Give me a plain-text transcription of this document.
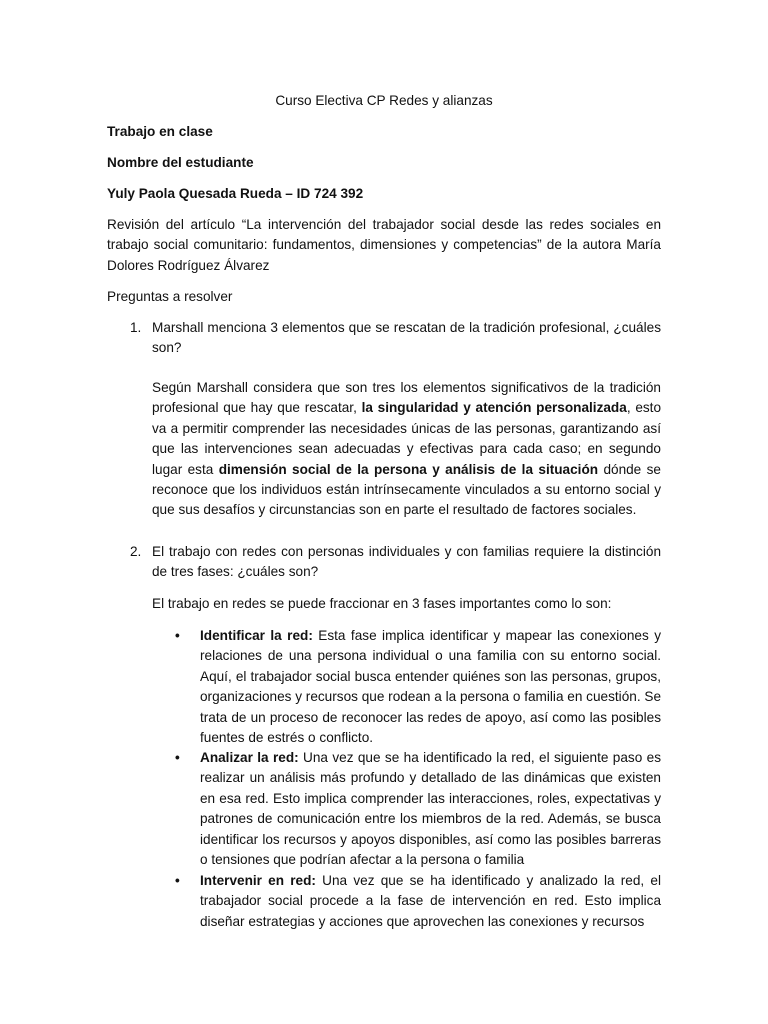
Curso Electiva CP Redes y alianzas
Trabajo en clase
Nombre del estudiante
Yuly Paola Quesada Rueda – ID 724 392
Revisión del artículo “La intervención del trabajador social desde las redes sociales en trabajo social comunitario: fundamentos, dimensiones y competencias” de la autora María Dolores Rodríguez Álvarez
Preguntas a resolver
1. Marshall menciona 3 elementos que se rescatan de la tradición profesional, ¿cuáles son?
Según Marshall considera que son tres los elementos significativos de la tradición profesional que hay que rescatar, la singularidad y atención personalizada, esto va a permitir comprender las necesidades únicas de las personas, garantizando así que las intervenciones sean adecuadas y efectivas para cada caso; en segundo lugar esta dimensión social de la persona y análisis de la situación dónde se reconoce que los individuos están intrínsecamente vinculados a su entorno social y que sus desafíos y circunstancias son en parte el resultado de factores sociales.
2. El trabajo con redes con personas individuales y con familias requiere la distinción de tres fases: ¿cuáles son?
El trabajo en redes se puede fraccionar en 3 fases importantes como lo son:
•	Identificar la red: Esta fase implica identificar y mapear las conexiones y relaciones de una persona individual o una familia con su entorno social. Aquí, el trabajador social busca entender quiénes son las personas, grupos, organizaciones y recursos que rodean a la persona o familia en cuestión. Se trata de un proceso de reconocer las redes de apoyo, así como las posibles fuentes de estrés o conflicto.
•	Analizar la red: Una vez que se ha identificado la red, el siguiente paso es realizar un análisis más profundo y detallado de las dinámicas que existen en esa red. Esto implica comprender las interacciones, roles, expectativas y patrones de comunicación entre los miembros de la red. Además, se busca identificar los recursos y apoyos disponibles, así como las posibles barreras o tensiones que podrían afectar a la persona o familia
•	Intervenir en red: Una vez que se ha identificado y analizado la red, el trabajador social procede a la fase de intervención en red. Esto implica diseñar estrategias y acciones que aprovechen las conexiones y recursos
